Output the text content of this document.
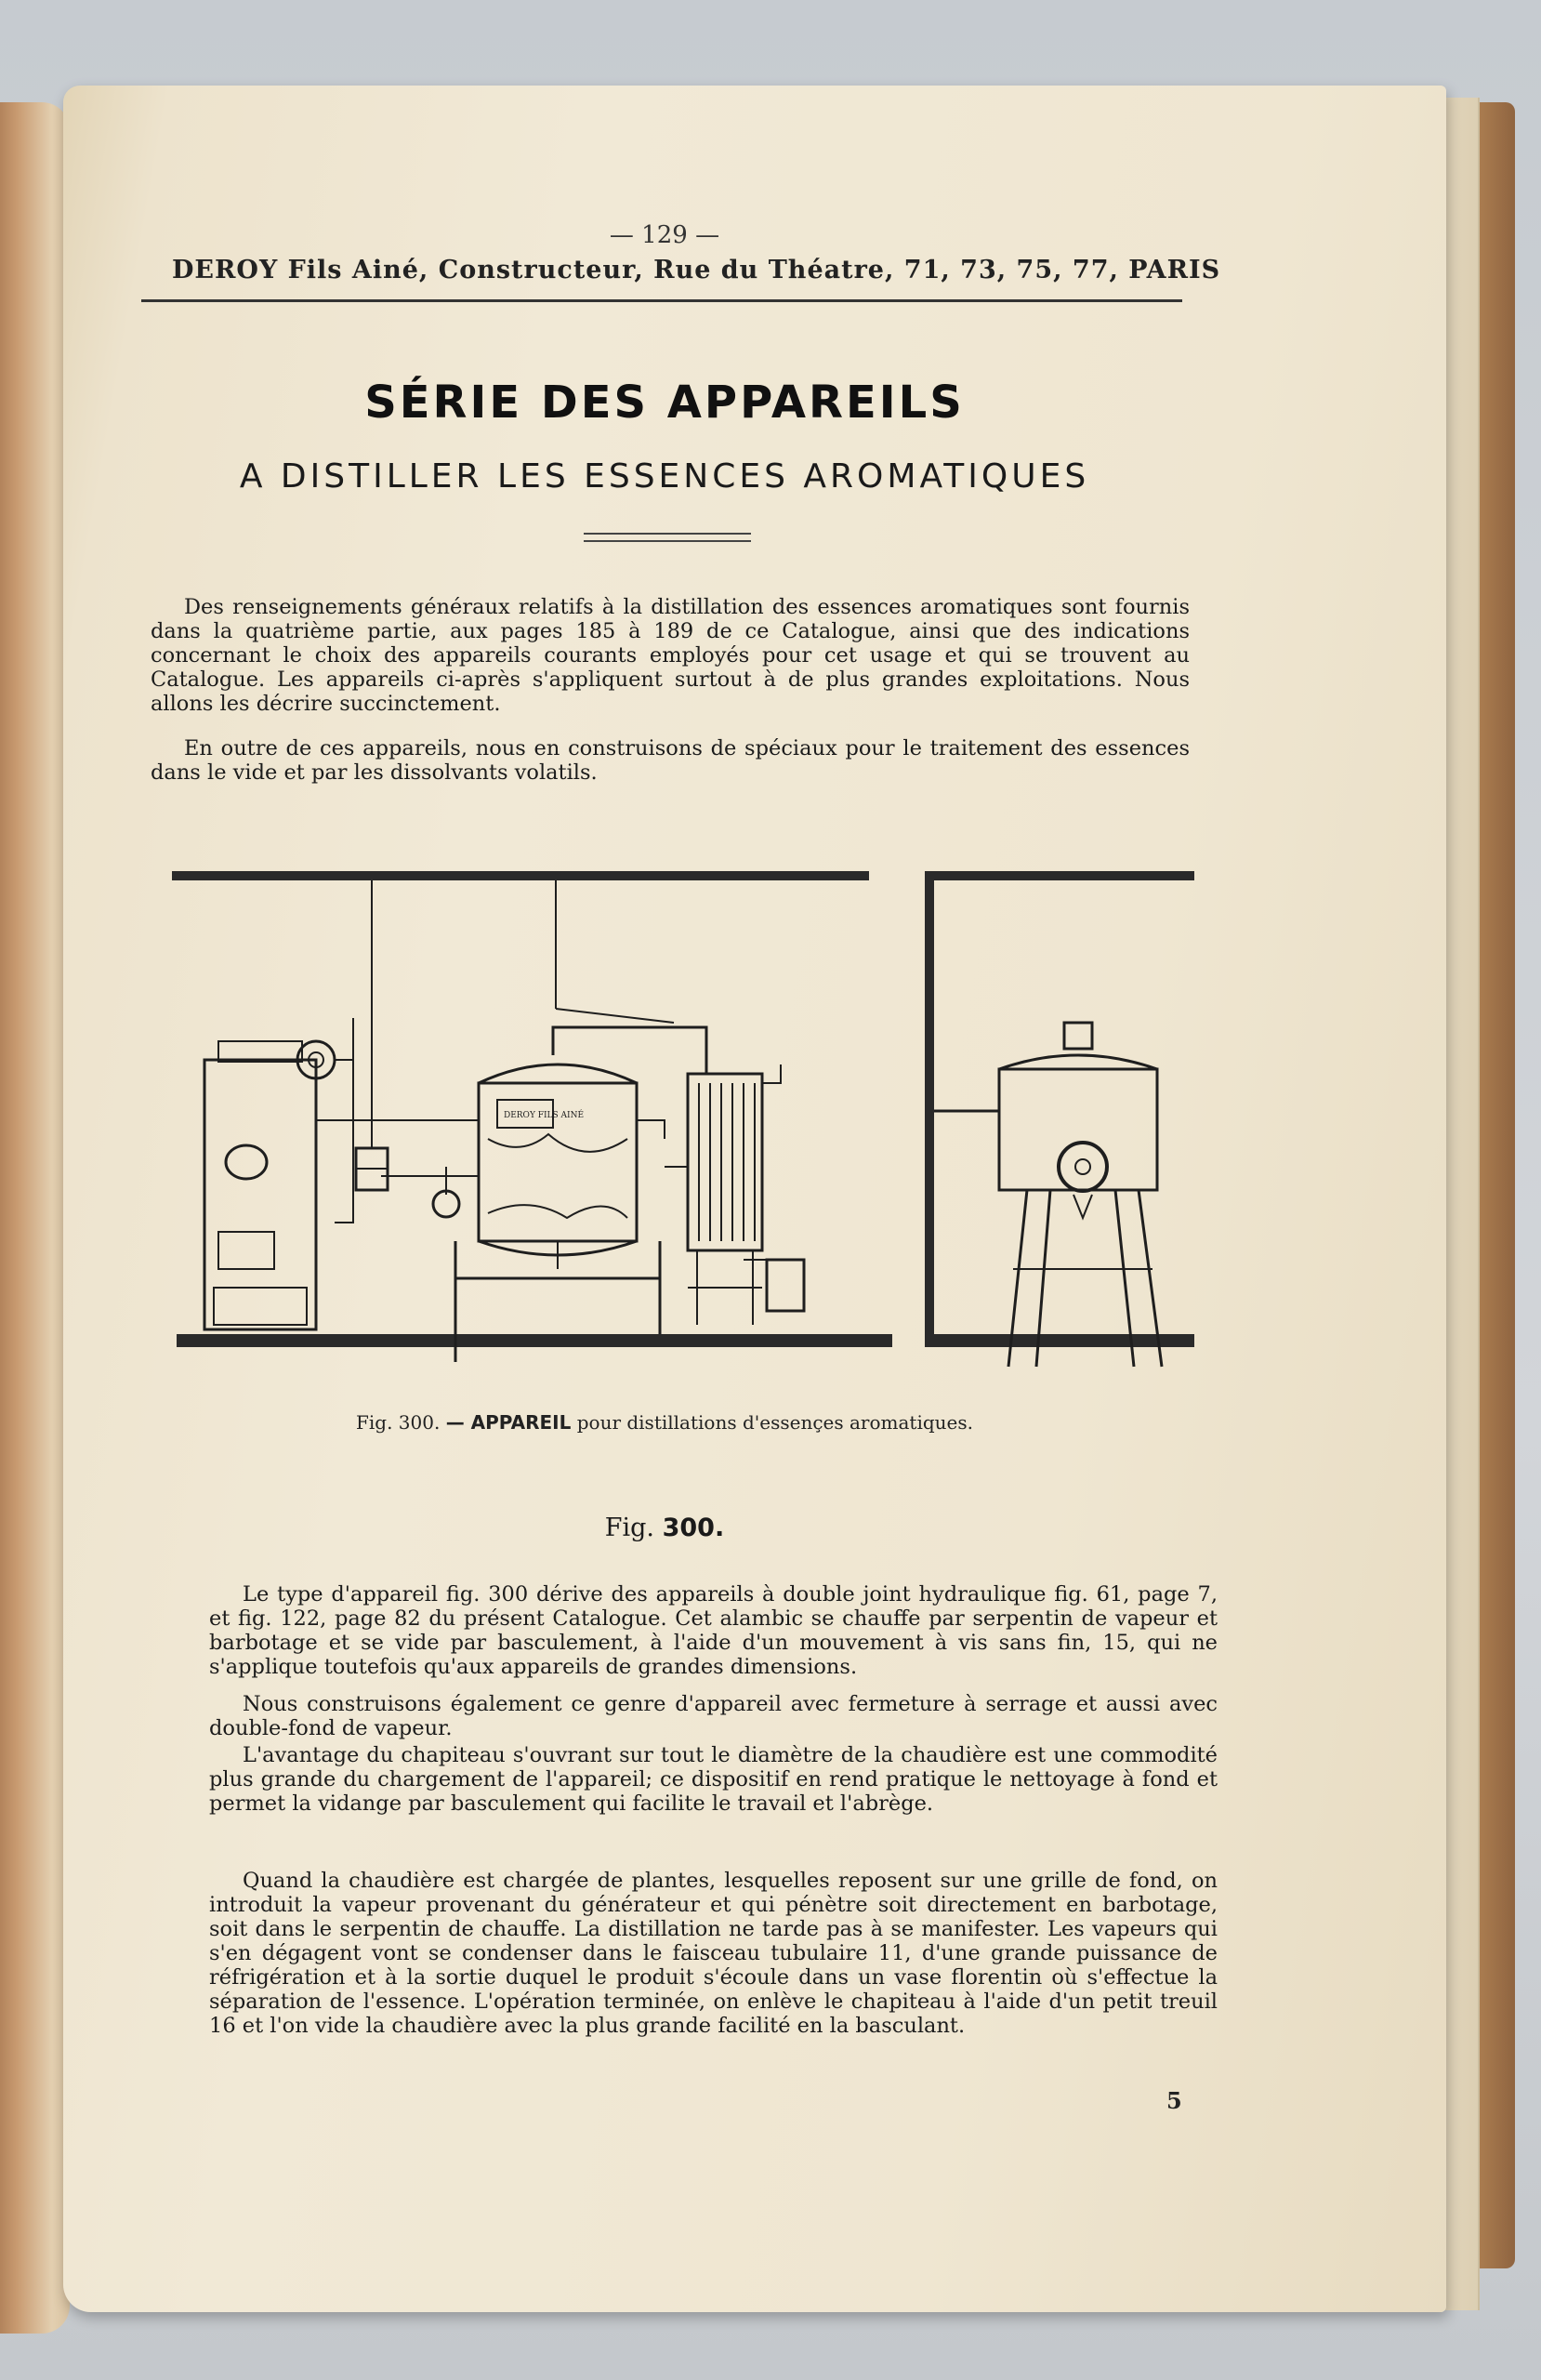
— 129 —
DEROY Fils Ainé, Constructeur, Rue du Théatre, 71, 73, 75, 77, PARIS
SÉRIE DES APPAREILS
A DISTILLER LES ESSENCES AROMATIQUES
Des renseignements généraux relatifs à la distillation des essences aromatiques sont fournis dans la quatrième partie, aux pages 185 à 189 de ce Catalogue, ainsi que des indications concernant le choix des appareils courants employés pour cet usage et qui se trouvent au Catalogue. Les appareils ci-après s'appliquent surtout à de plus grandes exploitations. Nous allons les décrire succinctement.
En outre de ces appareils, nous en construisons de spéciaux pour le traitement des essences dans le vide et par les dissolvants volatils.
DEROY FILS AINÉ
Fig. 300. — APPAREIL pour distillations d'essençes aromatiques.
Fig. 300.
Le type d'appareil fig. 300 dérive des appareils à double joint hydraulique fig. 61, page 7, et fig. 122, page 82 du présent Catalogue. Cet alambic se chauffe par serpentin de vapeur et barbotage et se vide par basculement, à l'aide d'un mouvement à vis sans fin, 15, qui ne s'applique toutefois qu'aux appareils de grandes dimensions.
Nous construisons également ce genre d'appareil avec fermeture à serrage et aussi avec double-fond de vapeur.
L'avantage du chapiteau s'ouvrant sur tout le diamètre de la chaudière est une commodité plus grande du chargement de l'appareil; ce dispositif en rend pratique le nettoyage à fond et permet la vidange par basculement qui facilite le travail et l'abrège.
Quand la chaudière est chargée de plantes, lesquelles reposent sur une grille de fond, on introduit la vapeur provenant du générateur et qui pénètre soit directement en barbotage, soit dans le serpentin de chauffe. La distillation ne tarde pas à se manifester. Les vapeurs qui s'en dégagent vont se condenser dans le faisceau tubulaire 11, d'une grande puissance de réfrigération et à la sortie duquel le produit s'écoule dans un vase florentin où s'effectue la séparation de l'essence. L'opération terminée, on enlève le chapiteau à l'aide d'un petit treuil 16 et l'on vide la chaudière avec la plus grande facilité en la basculant.
5
